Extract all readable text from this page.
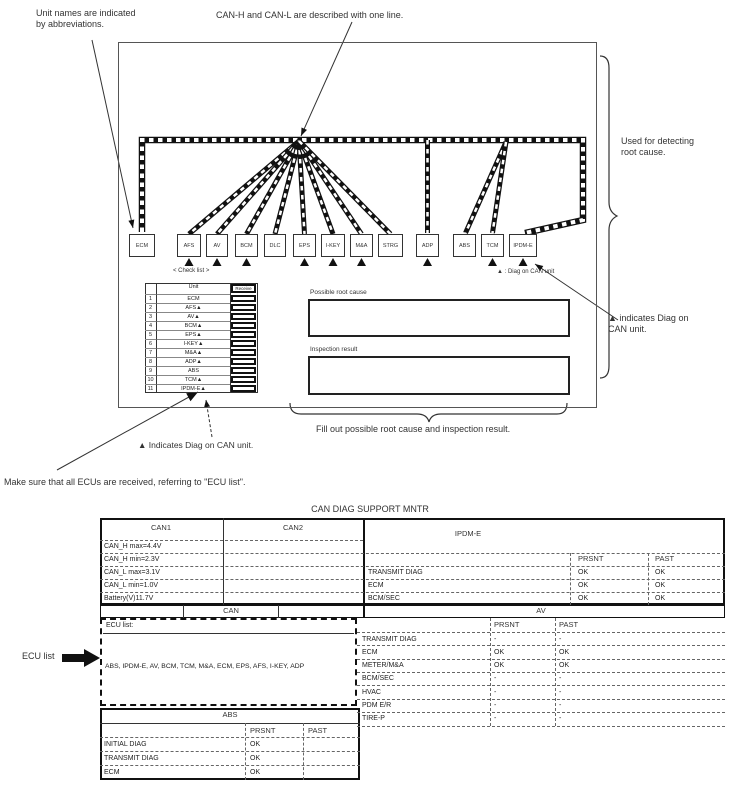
Unit names are indicated
by abbreviations.
CAN-H and CAN-L are described with one line.
< Check list >	▲ : Diag on CAN unit
Possible root cause
Inspection result
Used for detecting
root cause.
▲ indicates Diag on
CAN unit.
▲ Indicates Diag on CAN unit.
Fill out possible root cause and inspection result.
Make sure that all ECUs are received, referring to "ECU list".
CAN DIAG SUPPORT MNTR
CAN1	CAN2
IPDM-E
PRSNT	PAST
CAN	AV
ECU list:
ABS, IPDM-E, AV, BCM, TCM, M&A, ECM, EPS, AFS, I-KEY, ADP
PRSNT	PAST
ABS
PRSNT	PAST
ECU list
ECM	AFS	AV	BCM	DLC	EPS	I-KEY	M&A	STRG	ADP	ABS	TCM	IPDM-E
Unit	Receive
1	ECM
2	AFS▲
3	AV▲
4	BCM▲
5	EPS▲
6	I-KEY▲
7	M&A▲
8	ADP▲
9	ABS
10	TCM▲
11	IPDM-E▲
CAN_H max=4.4V
CAN_H min=2.3V
CAN_L max=3.1V
CAN_L min=1.0V
Battery(V)11.7V
TRANSMIT DIAG	OK	OK
ECM	OK	OK
BCM/SEC	OK	OK
TRANSMIT DIAG	-	-
ECM	OK	OK
METER/M&A	OK	OK
BCM/SEC	-	-
HVAC	-	-
PDM E/R	-	-
TIRE-P	-	-
INITIAL DIAG	OK
TRANSMIT DIAG	OK
ECM	OK
